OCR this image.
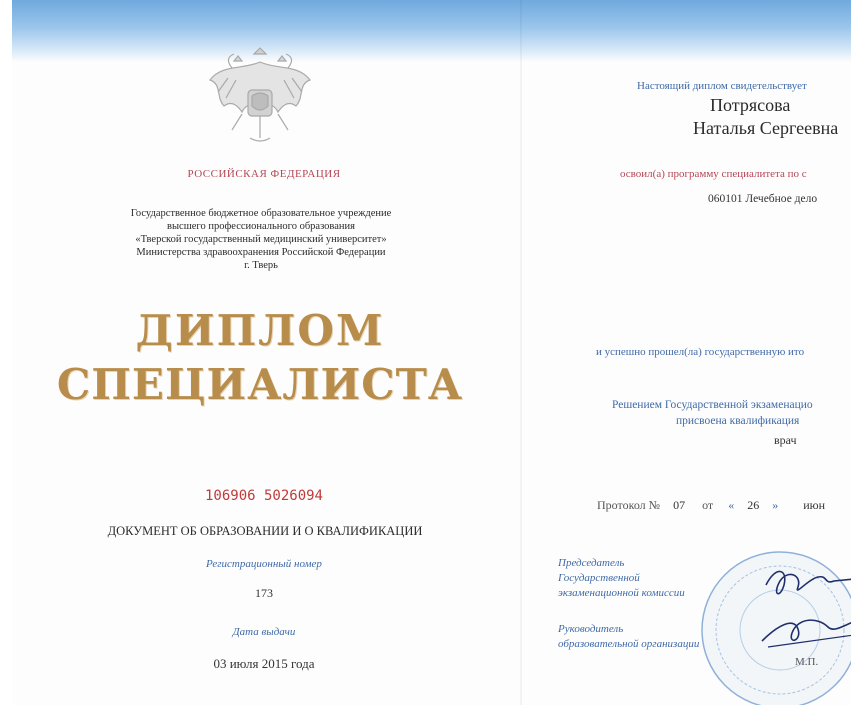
РОССИЙСКАЯ ФЕДЕРАЦИЯ
Государственное бюджетное образовательное учреждение
высшего профессионального образования
«Тверской государственный медицинский университет»
Министерства здравоохранения Российской Федерации
г. Тверь
ДИПЛОМ
СПЕЦИАЛИСТА
106906 5026094
ДОКУМЕНТ ОБ ОБРАЗОВАНИИ И О КВАЛИФИКАЦИИ
Регистрационный номер
173
Дата выдачи
03 июля 2015 года
Настоящий диплом свидетельствует
Потрясова
Наталья Сергеевна
освоил(а) программу специалитета по с
060101 Лечебное дело
и успешно прошел(ла) государственную ито
Решением Государственной экзаменацио
присвоена квалификация
врач
Протокол № 07 от « 26 » июн
Председатель
Государственной
экзаменационной комиссии
Руководитель
образовательной организации
М.П.
